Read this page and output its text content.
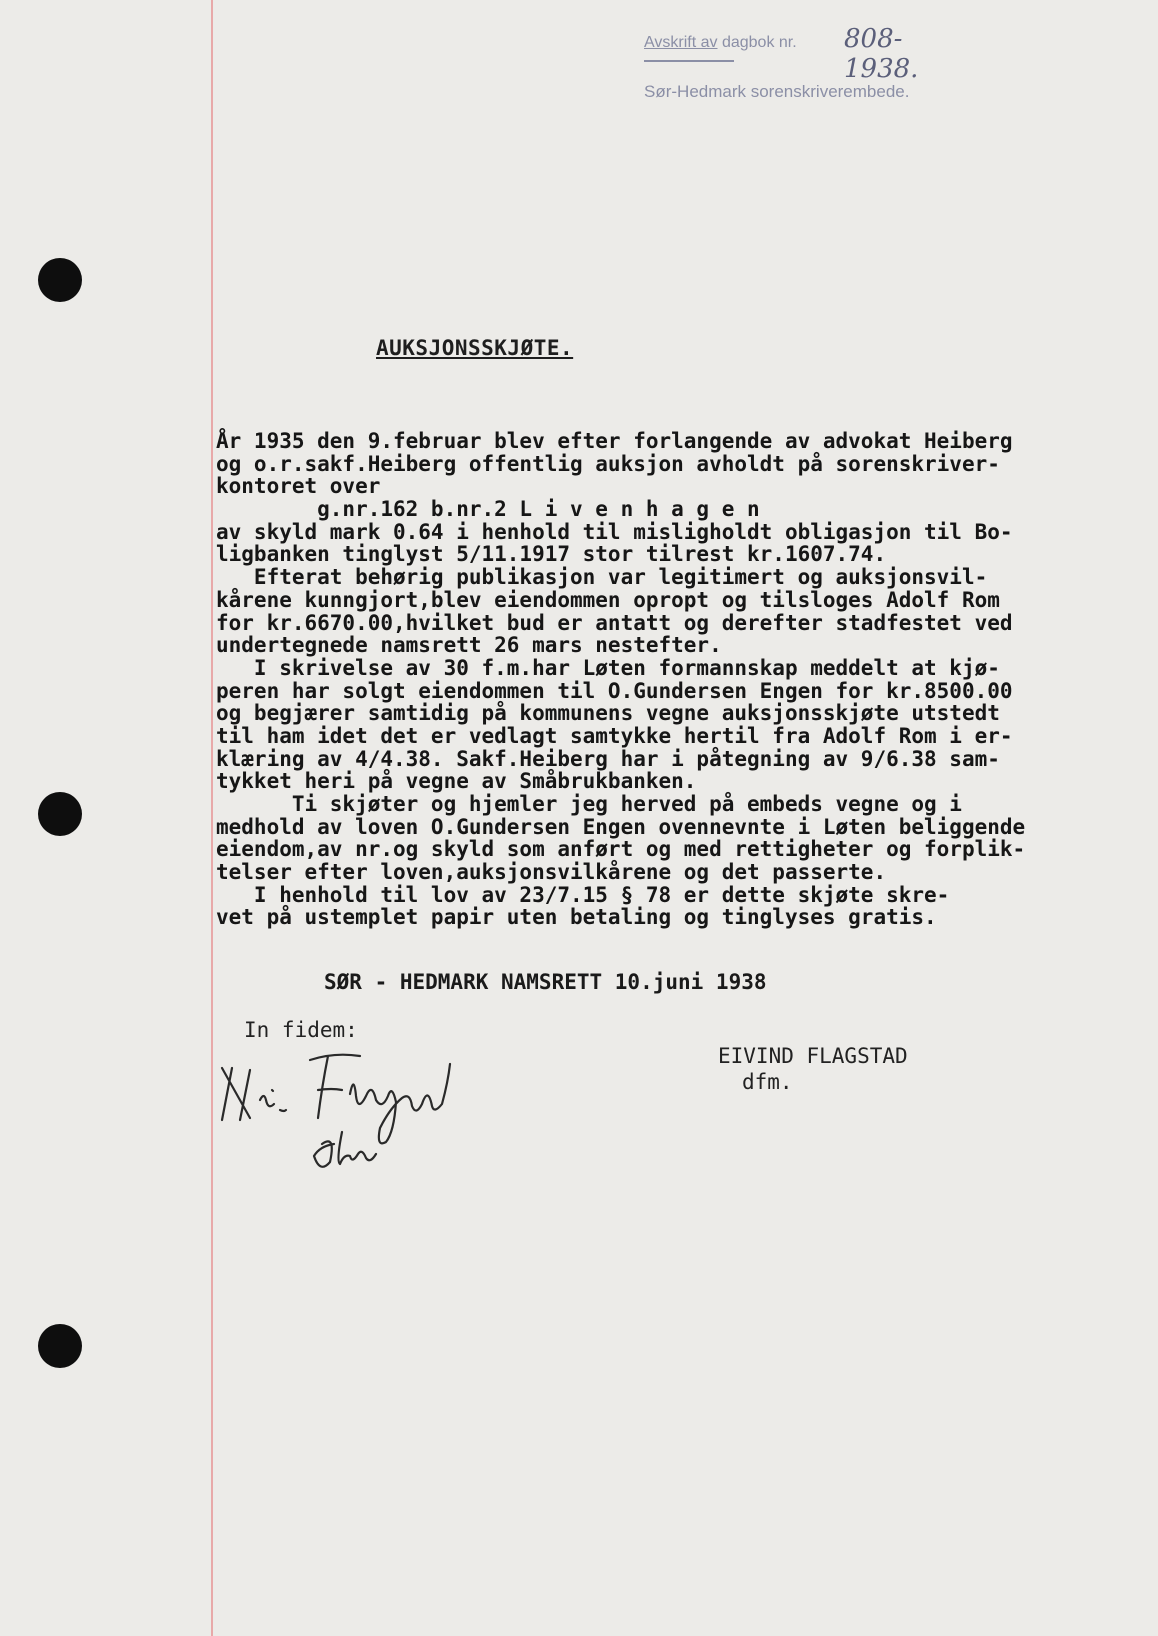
Avskrift av dagbok nr. 808-1938.
Sør-Hedmark sorenskriverembede.
AUKSJONSSKJØTE.
År 1935 den 9.februar blev efter forlangende av advokat Heiberg
og o.r.sakf.Heiberg offentlig auksjon avholdt på sorenskriver-
kontoret over
g.nr.162 b.nr.2 L i v e n h a g e n
av skyld mark 0.64 i henhold til misligholdt obligasjon til Bo-
ligbanken tinglyst 5/11.1917 stor tilrest kr.1607.74.
Efterat behørig publikasjon var legitimert og auksjonsvil-
kårene kunngjort,blev eiendommen opropt og tilsloges Adolf Rom
for kr.6670.00,hvilket bud er antatt og derefter stadfestet ved
undertegnede namsrett 26 mars nestefter.
I skrivelse av 30 f.m.har Løten formannskap meddelt at kjø-
peren har solgt eiendommen til O.Gundersen Engen for kr.8500.00
og begjærer samtidig på kommunens vegne auksjonsskjøte utstedt
til ham idet det er vedlagt samtykke hertil fra Adolf Rom i er-
klæring av 4/4.38. Sakf.Heiberg har i påtegning av 9/6.38 sam-
tykket heri på vegne av Småbrukbanken.
Ti skjøter og hjemler jeg herved på embeds vegne og i
medhold av loven O.Gundersen Engen ovennevnte i Løten beliggende
eiendom,av nr.og skyld som anført og med rettigheter og forplik-
telser efter loven,auksjonsvilkårene og det passerte.
I henhold til lov av 23/7.15 § 78 er dette skjøte skre-
vet på ustemplet papir uten betaling og tinglyses gratis.
SØR - HEDMARK NAMSRETT 10.juni 1938
In fidem:
EIVIND FLAGSTAD
dfm.
